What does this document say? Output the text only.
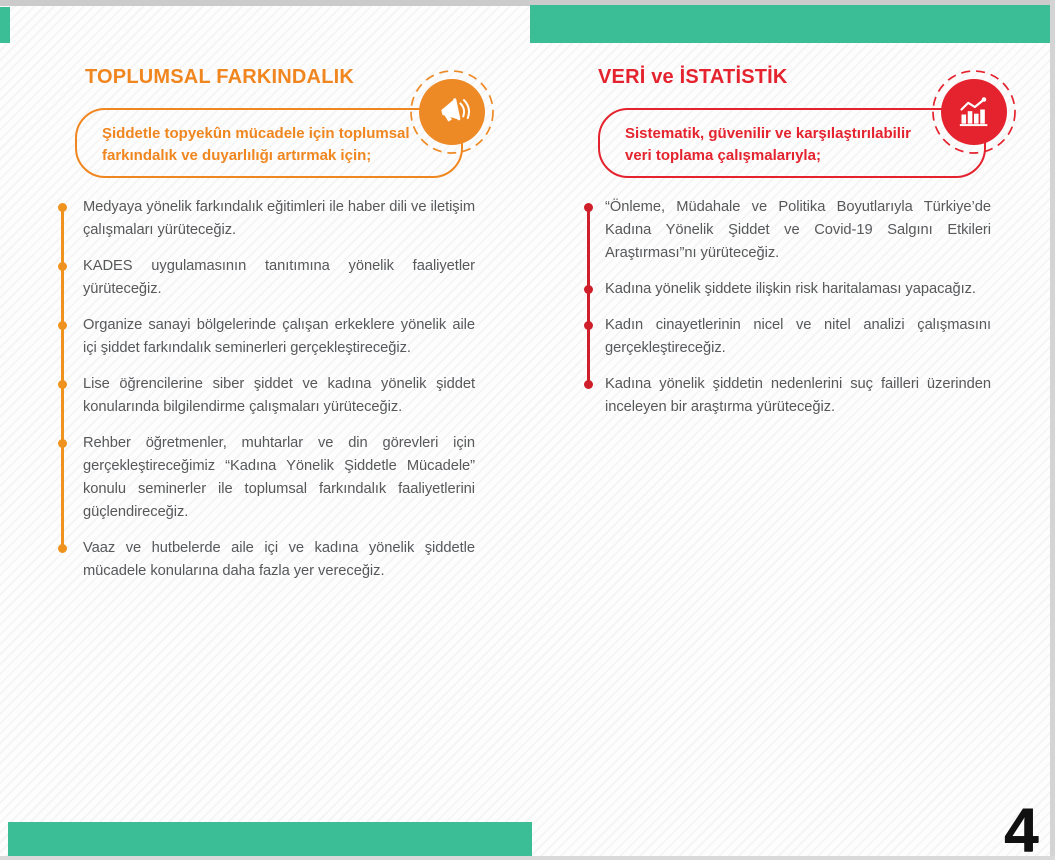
TOPLUMSAL FARKINDALIK
Şiddetle topyekûn mücadele için toplumsal
farkındalık ve duyarlılığı artırmak için;

Medyaya yönelik farkındalık eğitimleri ile haber dili ve iletişim çalışmaları yürüteceğiz.

KADES uygulamasının tanıtımına yönelik faaliyetler yürüteceğiz.

Organize sanayi bölgelerinde çalışan erkeklere yönelik aile içi şiddet farkındalık seminerleri gerçekleştireceğiz.

Lise öğrencilerine siber şiddet ve kadına yönelik şiddet konularında bilgilendirme çalışmaları yürüteceğiz.

Rehber öğretmenler, muhtarlar ve din görevleri için gerçekleştireceğimiz “Kadına Yönelik Şiddetle Mücadele” konulu seminerler ile toplumsal farkındalık faaliyetlerini güçlendireceğiz.

Vaaz ve hutbelerde aile içi ve kadına yönelik şiddetle mücadele konularına daha fazla yer vereceğiz.

VERİ ve İSTATİSTİK
Sistematik, güvenilir ve karşılaştırılabilir
veri toplama çalışmalarıyla;

“Önleme, Müdahale ve Politika Boyutlarıyla Türkiye’de Kadına Yönelik Şiddet ve Covid-19 Salgını Etkileri Araştırması”nı yürüteceğiz.

Kadına yönelik şiddete ilişkin risk haritalaması yapacağız.

Kadın cinayetlerinin nicel ve nitel analizi çalışmasını gerçekleştireceğiz.

Kadına yönelik şiddetin nedenlerini suç failleri üzerinden inceleyen bir araştırma yürüteceğiz.

4
